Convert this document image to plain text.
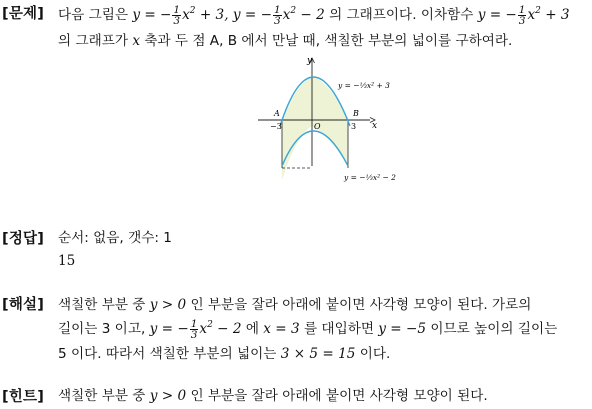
[문제] 다음 그림은 y = − $\frac{1}{3} x^2 + 3$, y = − $\frac{1}{3} x^2 - 2$ 의 그래프이다. 이차함수 y = − $\frac{1}{3} x^2 + 3$
의 그래프가 x 축과 두 점 A, B 에서 만날 때, 색칠한 부분의 넓이를 구하여라.
y
x
O
−3	3
A	B
y = −⅓x² + 3
y = −⅓x² − 2
[정답] 순서: 없음, 갯수: 1
15
[해설] 색칠한 부분 중 y > 0 인 부분을 잘라 아래에 붙이면 사각형 모양이 된다. 가로의
길이는 3 이고, y = − $\frac{1}{3} x^2 - 2$ 에 x = 3 를 대입하면 y = −5 이므로 높이의 길이는
5 이다. 따라서 색칠한 부분의 넓이는 3 × 5 = 15 이다.
[힌트] 색칠한 부분 중 y > 0 인 부분을 잘라 아래에 붙이면 사각형 모양이 된다.
